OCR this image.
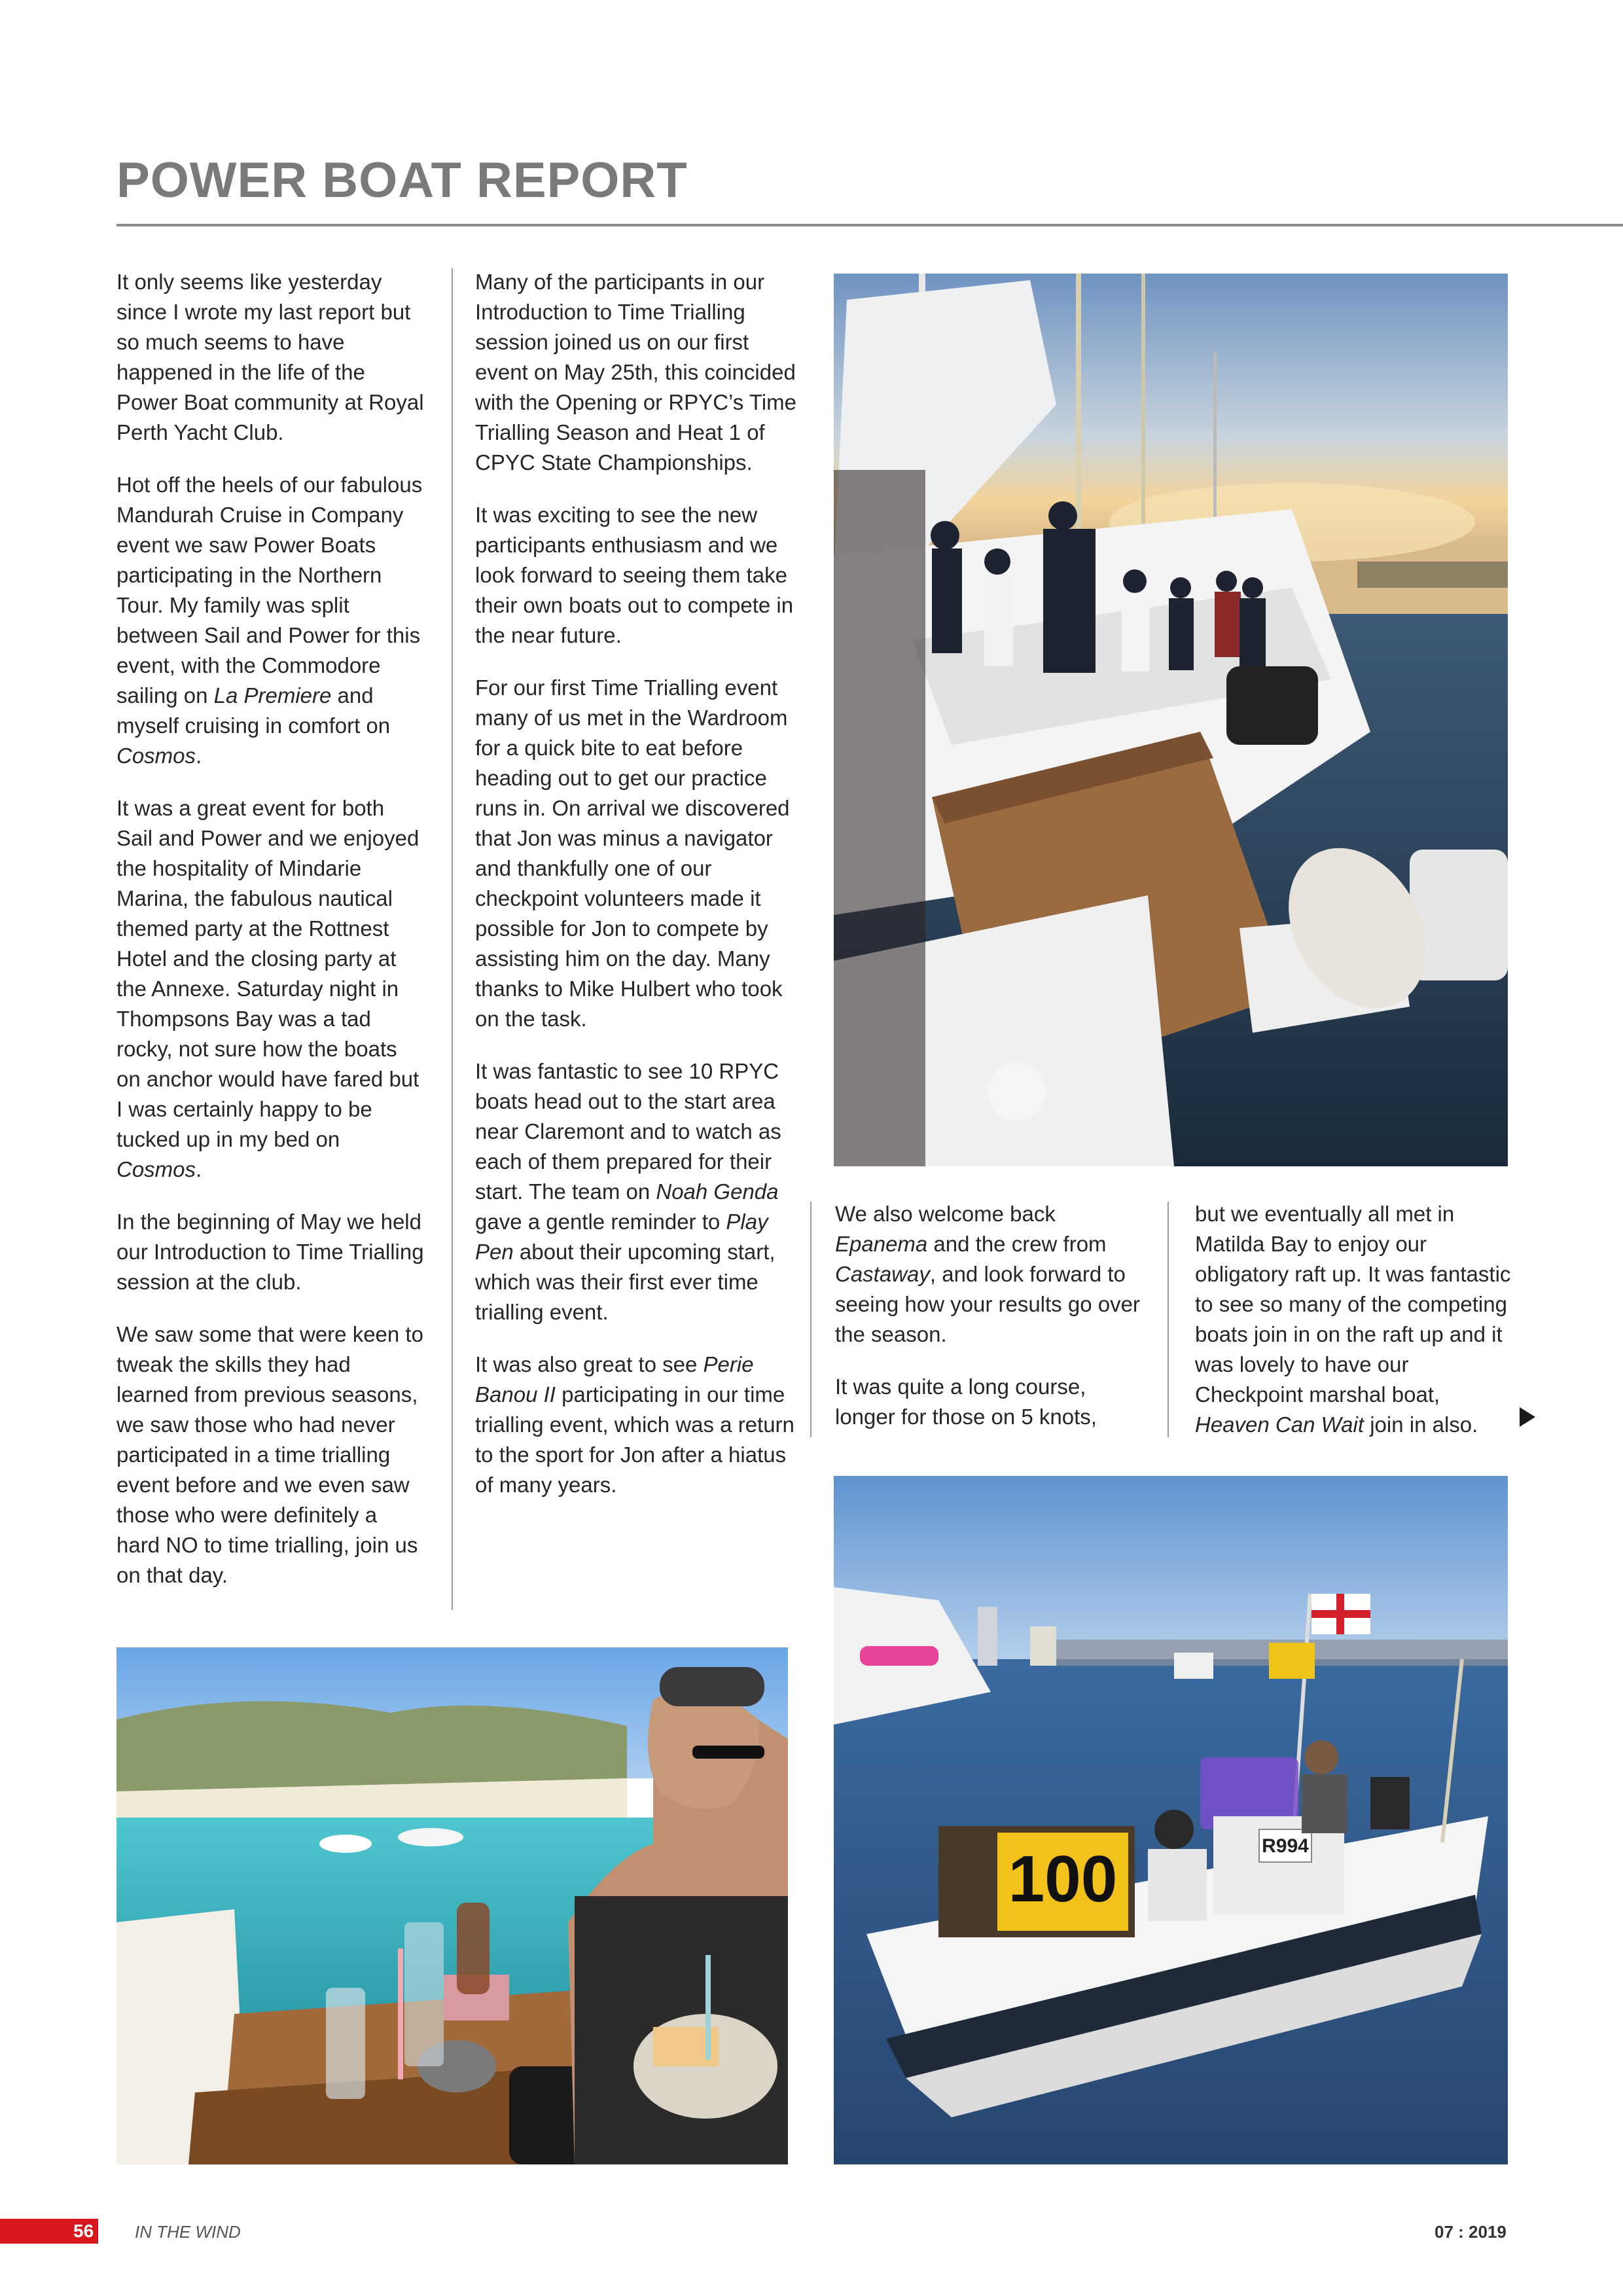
POWER BOAT REPORT

It only seems like yesterday since I wrote my last report but so much seems to have happened in the life of the Power Boat community at Royal Perth Yacht Club.

Hot off the heels of our fabulous Mandurah Cruise in Company event we saw Power Boats participating in the Northern Tour. My family was split between Sail and Power for this event, with the Commodore sailing on La Premiere and myself cruising in comfort on Cosmos.

It was a great event for both Sail and Power and we enjoyed the hospitality of Mindarie Marina, the fabulous nautical themed party at the Rottnest Hotel and the closing party at the Annexe. Saturday night in Thompsons Bay was a tad rocky, not sure how the boats on anchor would have fared but I was certainly happy to be tucked up in my bed on Cosmos.

In the beginning of May we held our Introduction to Time Trialling session at the club.

We saw some that were keen to tweak the skills they had learned from previous seasons, we saw those who had never participated in a time trialling event before and we even saw those who were definitely a hard NO to time trialling, join us on that day.

Many of the participants in our Introduction to Time Trialling session joined us on our first event on May 25th, this coincided with the Opening or RPYC’s Time Trialling Season and Heat 1 of CPYC State Championships.

It was exciting to see the new participants enthusiasm and we look forward to seeing them take their own boats out to compete in the near future.

For our first Time Trialling event many of us met in the Wardroom for a quick bite to eat before heading out to get our practice runs in. On arrival we discovered that Jon was minus a navigator and thankfully one of our checkpoint volunteers made it possible for Jon to compete by assisting him on the day. Many thanks to Mike Hulbert who took on the task.

It was fantastic to see 10 RPYC boats head out to the start area near Claremont and to watch as each of them prepared for their start. The team on Noah Genda gave a gentle reminder to Play Pen about their upcoming start, which was their first ever time trialling event.

It was also great to see Perie Banou II participating in our time trialling event, which was a return to the sport for Jon after a hiatus of many years.

We also welcome back Epanema and the crew from Castaway, and look forward to seeing how your results go over the season.

It was quite a long course, longer for those on 5 knots,

but we eventually all met in Matilda Bay to enjoy our obligatory raft up. It was fantastic to see so many of the competing boats join in on the raft up and it was lovely to have our Checkpoint marshal boat, Heaven Can Wait join in also.

R994
100
56 IN THE WIND	07 : 2019
